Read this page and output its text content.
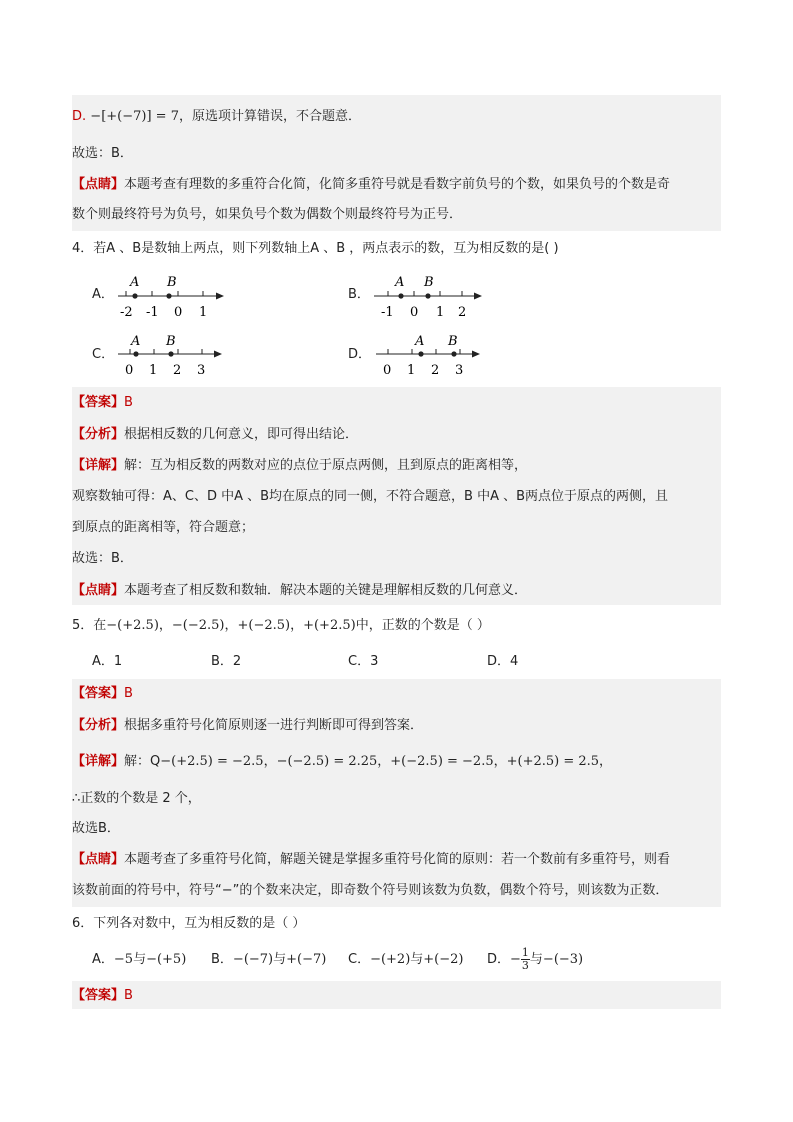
D. −[+(−7)] = 7，原选项计算错误，不合题意．
故选：B．
【点睛】本题考查有理数的多重符合化简，化简多重符号就是看数字前负号的个数，如果负号的个数是奇
数个则最终符号为负号，如果负号个数为偶数个则最终符号为正号．
4．若A 、B是数轴上两点，则下列数轴上A 、B ，两点表示的数，互为相反数的是( )
A．
A B
-2 -1 0 1
B．
A B
-1 0 1 2
C．
A B
0 1 2 3
D．
A B
0 1 2 3
【答案】B
【分析】根据相反数的几何意义，即可得出结论．
【详解】解：互为相反数的两数对应的点位于原点两侧，且到原点的距离相等，
观察数轴可得：A、C、D 中A 、B均在原点的同一侧，不符合题意，B 中A 、B两点位于原点的两侧，且
到原点的距离相等，符合题意；
故选：B．
【点睛】本题考查了相反数和数轴．解决本题的关键是理解相反数的几何意义．
5．在−(+2.5)，−(−2.5)，+(−2.5)，+(+2.5)中，正数的个数是（ ）
A．1	B．2	C．3	D．4
【答案】B
【分析】根据多重符号化简原则逐一进行判断即可得到答案．
【详解】解：Q−(+2.5) = −2.5，−(−2.5) = 2.25，+(−2.5) = −2.5，+(+2.5) = 2.5，
∴正数的个数是 2 个，
故选B．
【点睛】本题考查了多重符号化简，解题关键是掌握多重符号化简的原则：若一个数前有多重符号，则看
该数前面的符号中，符号“−”的个数来决定，即奇数个符号则该数为负数，偶数个符号，则该数为正数．
6．下列各对数中，互为相反数的是（ ）
A．−5与−(+5) B．−(−7)与+(−7) C．−(+2)与+(−2) D．− $\frac{1}{3}$ 与−(−3)
【答案】B
